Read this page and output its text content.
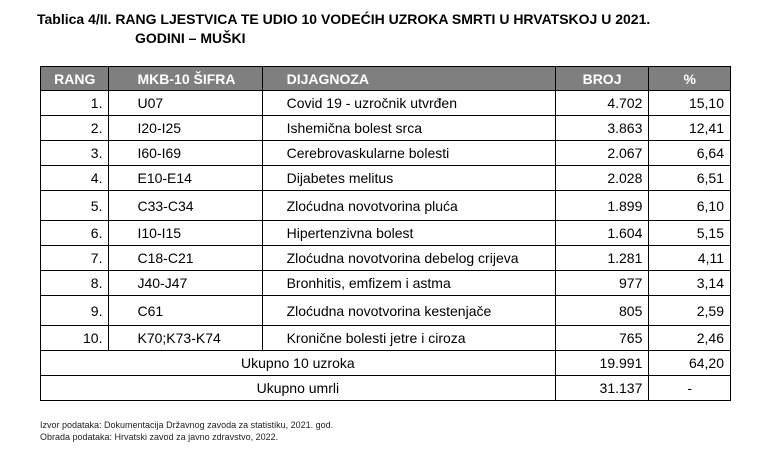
Tablica 4/II. RANG LJESTVICA TE UDIO 10 VODEĆIH UZROKA SMRTI U HRVATSKOJ U 2021.
GODINI – MUŠKI
RANG	MKB-10 ŠIFRA	DIJAGNOZA	BROJ	%
1.	U07	Covid 19 - uzročnik utvrđen	4.702	15,10
2.	I20-I25	Ishemična bolest srca	3.863	12,41
3.	I60-I69	Cerebrovaskularne bolesti	2.067	6,64
4.	E10-E14	Dijabetes melitus	2.028	6,51
5.	C33-C34	Zloćudna novotvorina pluća	1.899	6,10
6.	I10-I15	Hipertenzivna bolest	1.604	5,15
7.	C18-C21	Zloćudna novotvorina debelog crijeva	1.281	4,11
8.	J40-J47	Bronhitis, emfizem i astma	977	3,14
9.	C61	Zloćudna novotvorina kestenjače	805	2,59
10.	K70;K73-K74	Kronične bolesti jetre i ciroza	765	2,46
Ukupno 10 uzroka			19.991	64,20
Ukupno umrli			31.137	-
Izvor podataka: Dokumentacija Državnog zavoda za statistiku, 2021. god.
Obrada podataka: Hrvatski zavod za javno zdravstvo, 2022.
